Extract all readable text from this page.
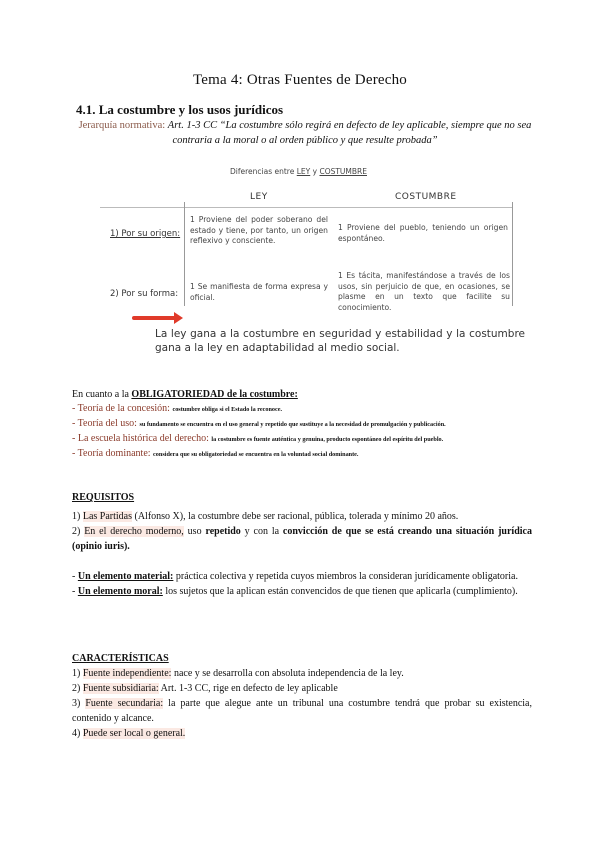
Tema 4: Otras Fuentes de Derecho
4.1. La costumbre y los usos jurídicos
Jerarquía normativa: Art. 1-3 CC “La costumbre sólo regirá en defecto de ley aplicable, siempre que no sea contraria a la moral o al orden público y que resulte probada”
Diferencias entre LEY y COSTUMBRE
LEY	COSTUMBRE
1) Por su origen:
1 Proviene del poder soberano del estado y tiene, por tanto, un origen reflexivo y consciente.
1 Proviene del pueblo, teniendo un origen espontáneo.
2) Por su forma:
1 Se manifiesta de forma expresa y oficial.
1 Es tácita, manifestándose a través de los usos, sin perjuicio de que, en ocasiones, se plasme en un texto que facilite su conocimiento.
La ley gana a la costumbre en seguridad y estabilidad y la costumbre gana a la ley en adaptabilidad al medio social.

En cuanto a la OBLIGATORIEDAD de la costumbre:

- Teoría de la concesión: costumbre obliga si el Estado la reconoce.

- Teoría del uso: su fundamento se encuentra en el uso general y repetido que sustituye a la necesidad de promulgación y publicación.

- La escuela histórica del derecho: la costumbre es fuente auténtica y genuina, producto espontáneo del espíritu del pueblo.

- Teoría dominante: considera que su obligatoriedad se encuentra en la voluntad social dominante.

REQUISITOS

1) Las Partidas (Alfonso X), la costumbre debe ser racional, pública, tolerada y mínimo 20 años.

2) En el derecho moderno, uso repetido y con la convicción de que se está creando una situación jurídica (opinio iuris).

- Un elemento material: práctica colectiva y repetida cuyos miembros la consideran jurídicamente obligatoria.

- Un elemento moral: los sujetos que la aplican están convencidos de que tienen que aplicarla (cumplimiento).

CARACTERÍSTICAS

1) Fuente independiente: nace y se desarrolla con absoluta independencia de la ley.

2) Fuente subsidiaria: Art. 1-3 CC, rige en defecto de ley aplicable

3) Fuente secundaria: la parte que alegue ante un tribunal una costumbre tendrá que probar su existencia, contenido y alcance.

4) Puede ser local o general.
